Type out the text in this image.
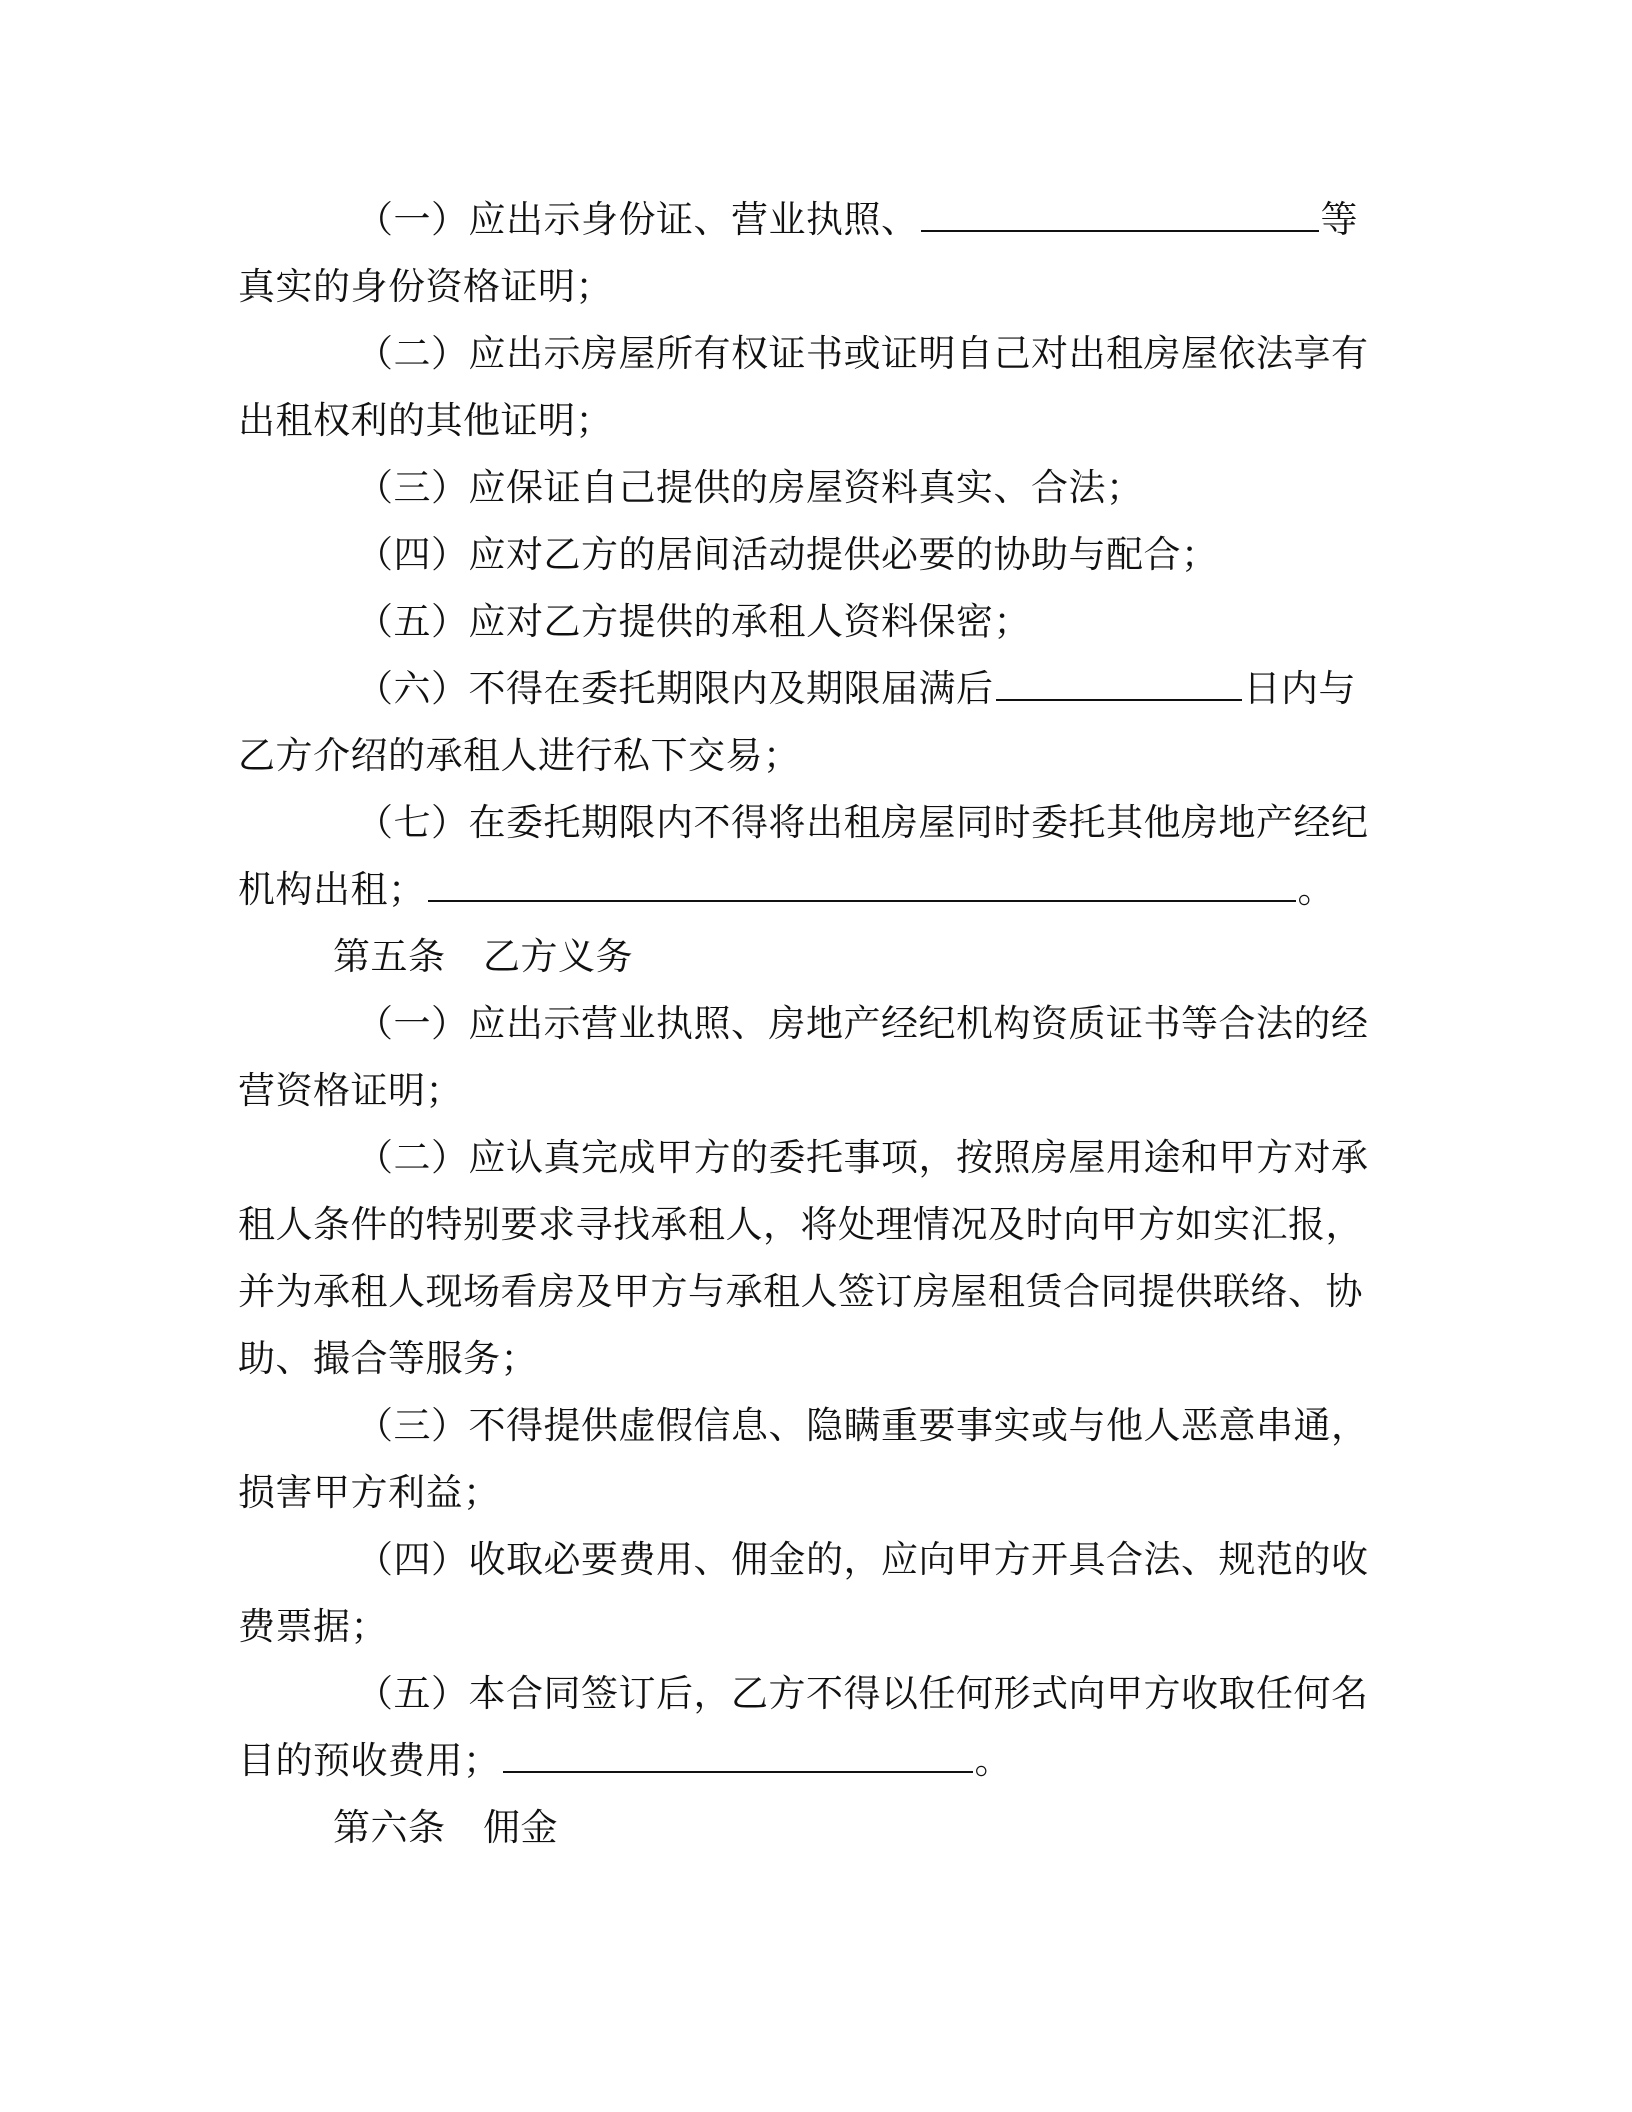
（一）应出示身份证、营业执照、	等真实的身份资格证明；

（二）应出示房屋所有权证书或证明自己对出租房屋依法享有出租权利的其他证明；

（三）应保证自己提供的房屋资料真实、合法；

（四）应对乙方的居间活动提供必要的协助与配合；

（五）应对乙方提供的承租人资料保密；

（六）不得在委托期限内及期限届满后	日内与乙方介绍的承租人进行私下交易；

（七）在委托期限内不得将出租房屋同时委托其他房地产经纪机构出租；	。

第五条　乙方义务

（一）应出示营业执照、房地产经纪机构资质证书等合法的经营资格证明；

（二）应认真完成甲方的委托事项，按照房屋用途和甲方对承租人条件的特别要求寻找承租人，将处理情况及时向甲方如实汇报，并为承租人现场看房及甲方与承租人签订房屋租赁合同提供联络、协助、撮合等服务；

（三）不得提供虚假信息、隐瞒重要事实或与他人恶意串通，损害甲方利益；

（四）收取必要费用、佣金的，应向甲方开具合法、规范的收费票据；

（五）本合同签订后，乙方不得以任何形式向甲方收取任何名目的预收费用；	。

第六条　佣金
